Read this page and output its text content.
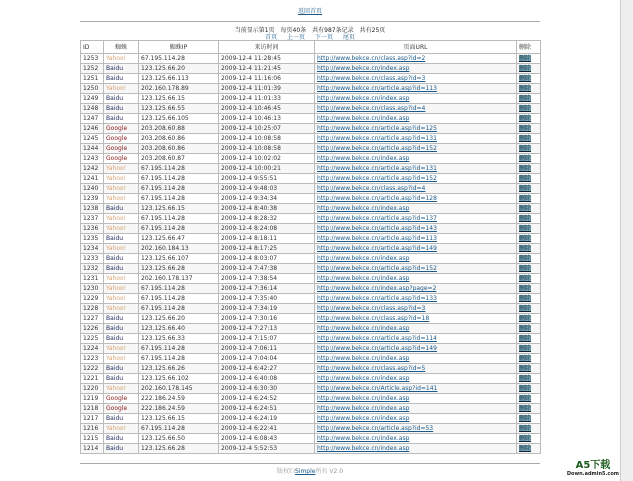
返回首页
当前显示第1页　每页40条　共有987条记录　共有25页
首页 上一页 下一页 尾页
ID	蜘蛛	蜘蛛IP	来访时间	页面URL	删除
1253	Yahoo!	67.195.114.28	2009-12-4 11:28:45	http://www.bekce.cn/class.asp?id=2	删除
1252	Baidu	123.125.66.20	2009-12-4 11:21:45	http://www.bekce.cn/index.asp	删除
1251	Baidu	123.125.66.113	2009-12-4 11:16:06	http://www.bekce.cn/class.asp?id=3	删除
1250	Yahoo!	202.160.178.89	2009-12-4 11:01:39	http://www.bekce.cn/article.asp?id=113	删除
1249	Baidu	123.125.66.15	2009-12-4 11:01:33	http://www.bekce.cn/index.asp	删除
1248	Baidu	123.125.66.55	2009-12-4 10:46:45	http://www.bekce.cn/class.asp?id=4	删除
1247	Baidu	123.125.66.105	2009-12-4 10:46:13	http://www.bekce.cn/index.asp	删除
1246	Google	203.208.60.88	2009-12-4 10:25:07	http://www.bekce.cn/article.asp?id=125	删除
1245	Google	203.208.60.86	2009-12-4 10:08:58	http://www.bekce.cn/article.asp?id=131	删除
1244	Google	203.208.60.86	2009-12-4 10:08:58	http://www.bekce.cn/article.asp?id=152	删除
1243	Google	203.208.60.87	2009-12-4 10:02:02	http://www.bekce.cn/index.asp	删除
1242	Yahoo!	67.195.114.28	2009-12-4 10:00:21	http://www.bekce.cn/article.asp?id=131	删除
1241	Yahoo!	67.195.114.28	2009-12-4 9:55:51	http://www.bekce.cn/article.asp?id=152	删除
1240	Yahoo!	67.195.114.28	2009-12-4 9:48:03	http://www.bekce.cn/class.asp?id=4	删除
1239	Yahoo!	67.195.114.28	2009-12-4 9:34:34	http://www.bekce.cn/article.asp?id=128	删除
1238	Baidu	123.125.66.15	2009-12-4 8:40:38	http://www.bekce.cn/index.asp	删除
1237	Yahoo!	67.195.114.28	2009-12-4 8:28:32	http://www.bekce.cn/article.asp?id=137	删除
1236	Yahoo!	67.195.114.28	2009-12-4 8:24:08	http://www.bekce.cn/article.asp?id=143	删除
1235	Baidu	123.125.66.47	2009-12-4 8:18:11	http://www.bekce.cn/article.asp?id=113	删除
1234	Yahoo!	202.160.184.13	2009-12-4 8:17:25	http://www.bekce.cn/article.asp?id=149	删除
1233	Baidu	123.125.66.107	2009-12-4 8:03:07	http://www.bekce.cn/index.asp	删除
1232	Baidu	123.125.66.28	2009-12-4 7:47:38	http://www.bekce.cn/article.asp?id=152	删除
1231	Yahoo!	202.160.178.137	2009-12-4 7:38:54	http://www.bekce.cn/index.asp	删除
1230	Yahoo!	67.195.114.28	2009-12-4 7:36:14	http://www.bekce.cn/index.asp?page=2	删除
1229	Yahoo!	67.195.114.28	2009-12-4 7:35:40	http://www.bekce.cn/article.asp?id=133	删除
1228	Yahoo!	67.195.114.28	2009-12-4 7:34:19	http://www.bekce.cn/class.asp?id=3	删除
1227	Baidu	123.125.66.20	2009-12-4 7:30:16	http://www.bekce.cn/class.asp?id=18	删除
1226	Baidu	123.125.66.40	2009-12-4 7:27:13	http://www.bekce.cn/index.asp	删除
1225	Baidu	123.125.66.33	2009-12-4 7:15:07	http://www.bekce.cn/article.asp?id=114	删除
1224	Yahoo!	67.195.114.28	2009-12-4 7:06:11	http://www.bekce.cn/article.asp?id=149	删除
1223	Yahoo!	67.195.114.28	2009-12-4 7:04:04	http://www.bekce.cn/index.asp	删除
1222	Baidu	123.125.66.26	2009-12-4 6:42:27	http://www.bekce.cn/class.asp?id=5	删除
1221	Baidu	123.125.66.102	2009-12-4 6:40:08	http://www.bekce.cn/index.asp	删除
1220	Yahoo!	202.160.178.145	2009-12-4 6:30:30	http://www.bekce.cn/Article.asp?id=141	删除
1219	Google	222.186.24.59	2009-12-4 6:24:52	http://www.bekce.cn/index.asp	删除
1218	Google	222.186.24.59	2009-12-4 6:24:51	http://www.bekce.cn/index.asp	删除
1217	Baidu	123.125.66.15	2009-12-4 6:24:19	http://www.bekce.cn/index.asp	删除
1216	Yahoo!	67.195.114.28	2009-12-4 6:22:41	http://www.bekce.cn/article.asp?id=53	删除
1215	Baidu	123.125.66.50	2009-12-4 6:08:43	http://www.bekce.cn/index.asp	删除
1214	Baidu	123.125.66.28	2009-12-4 5:52:53	http://www.bekce.cn/index.asp	删除
版权归Simple所有 V2.0
A5下载
Down.admin5.com
